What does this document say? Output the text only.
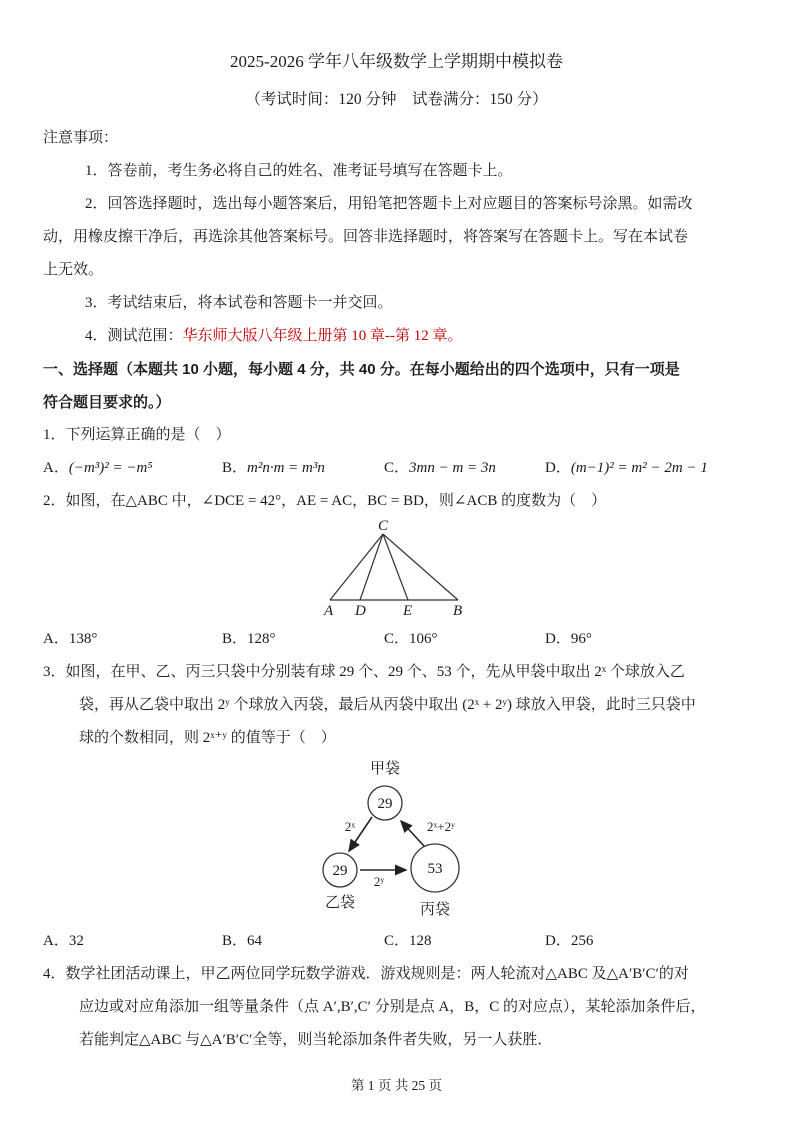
2025-2026 学年八年级数学上学期期中模拟卷
（考试时间：120 分钟　试卷满分：150 分）
注意事项：
1．答卷前，考生务必将自己的姓名、准考证号填写在答题卡上。
2．回答选择题时，选出每小题答案后，用铅笔把答题卡上对应题目的答案标号涂黑。如需改
动，用橡皮擦干净后，再选涂其他答案标号。回答非选择题时，将答案写在答题卡上。写在本试卷
上无效。
3．考试结束后，将本试卷和答题卡一并交回。
4．测试范围：华东师大版八年级上册第 10 章--第 12 章。
一、选择题（本题共 10 小题，每小题 4 分，共 40 分。在每小题给出的四个选项中，只有一项是
符合题目要求的。）
1．下列运算正确的是（　）
A．(−m³)² = −m⁵	B．m²n·m = m³n	C．3mn − m = 3n	D．(m−1)² = m² − 2m − 1
2．如图，在△ABC 中，∠DCE = 42°，AE = AC，BC = BD，则∠ACB 的度数为（　）
C
A D E	B
A．138°	B．128°	C．106°	D．96°
3．如图，在甲、乙、丙三只袋中分别装有球 29 个、29 个、53 个，先从甲袋中取出 2ˣ 个球放入乙
袋，再从乙袋中取出 2ʸ 个球放入丙袋，最后从丙袋中取出 (2ˣ + 2ʸ) 球放入甲袋，此时三只袋中
球的个数相同，则 2ˣ⁺ʸ 的值等于（　）
甲袋
29
29
乙袋
53
丙袋
2ˣ
2ʸ
2ˣ+2ʸ
A．32	B．64	C．128	D．256
4．数学社团活动课上，甲乙两位同学玩数学游戏．游戏规则是：两人轮流对△ABC 及△A′B′C′的对
应边或对应角添加一组等量条件（点 A′,B′,C′ 分别是点 A，B，C 的对应点），某轮添加条件后，
若能判定△ABC 与△A′B′C′全等，则当轮添加条件者失败，另一人获胜．
第 1 页 共 25 页
